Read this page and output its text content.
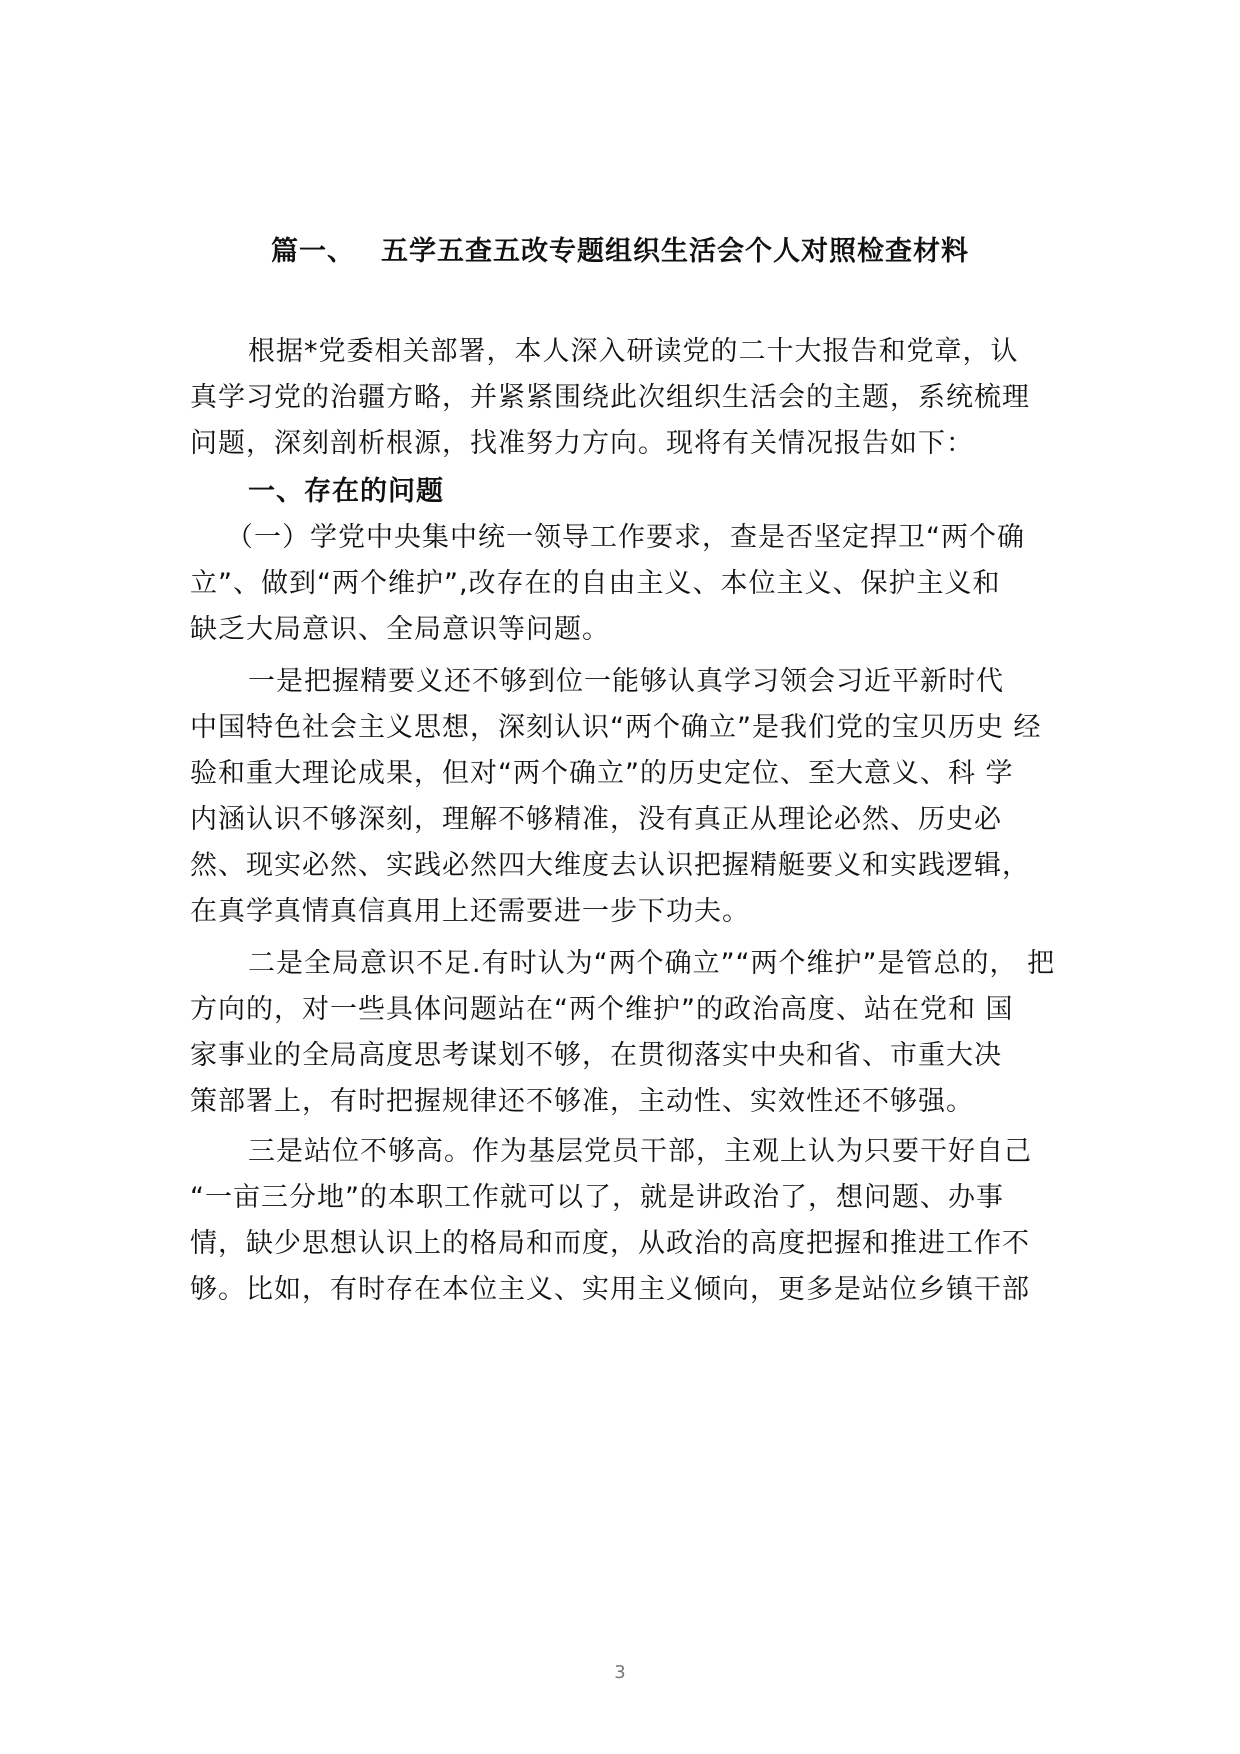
篇一、 五学五查五改专题组织生活会个人对照检查材料
根据*党委相关部署，本人深入研读党的二十大报告和党章，认
真学习党的治疆方略，并紧紧围绕此次组织生活会的主题，系统梳理
问题，深刻剖析根源，找准努力方向。现将有关情况报告如下：
一、存在的问题
（一）学党中央集中统一领导工作要求，查是否坚定捍卫“两个确
立”、做到“两个维护”,改存在的自由主义、本位主义、保护主义和
缺乏大局意识、全局意识等问题。
一是把握精要义还不够到位一能够认真学习领会习近平新时代
中国特色社会主义思想，深刻认识“两个确立”是我们党的宝贝历史 经
验和重大理论成果，但对“两个确立”的历史定位、至大意义、科 学
内涵认识不够深刻，理解不够精准，没有真正从理论必然、历史必
然、现实必然、实践必然四大维度去认识把握精艇要义和实践逻辑，
在真学真情真信真用上还需要进一步下功夫。
二是全局意识不足.有时认为“两个确立”“两个维护”是管总的， 把
方向的，对一些具体问题站在“两个维护”的政治高度、站在党和 国
家事业的全局高度思考谋划不够，在贯彻落实中央和省、市重大决
策部署上，有时把握规律还不够准，主动性、实效性还不够强。
三是站位不够高。作为基层党员干部，主观上认为只要干好自己
“一亩三分地”的本职工作就可以了，就是讲政治了，想问题、办事
情，缺少思想认识上的格局和而度，从政治的高度把握和推进工作不
够。比如，有时存在本位主义、实用主义倾向，更多是站位乡镇干部
3
